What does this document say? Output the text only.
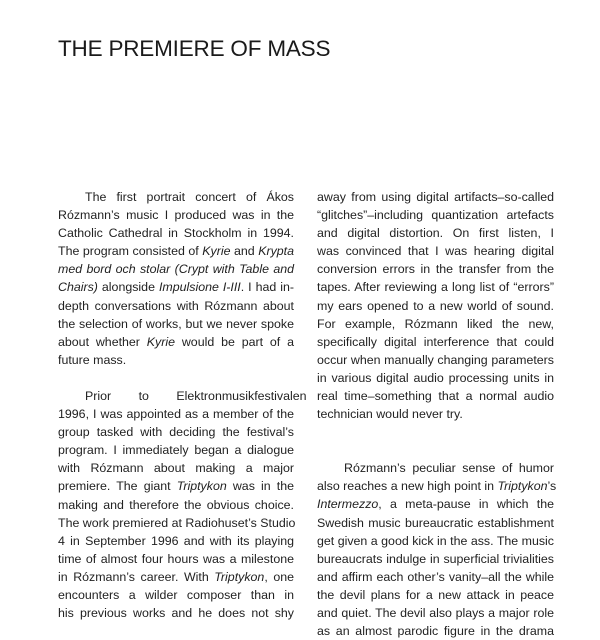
THE PREMIERE OF MASS
The first portrait concert of Ákos
Rózmann’s music I produced was in the
Catholic Cathedral in Stockholm in 1994.
The program consisted of Kyrie and Krypta
med bord och stolar (Crypt with Table and
Chairs) alongside Impulsione I-III. I had in-
depth conversations with Rózmann about
the selection of works, but we never spoke
about whether Kyrie would be part of a
future mass.
Prior to Elektronmusikfestivalen
1996, I was appointed as a member of the
group tasked with deciding the festival’s
program. I immediately began a dialogue
with Rózmann about making a major
premiere. The giant Triptykon was in the
making and therefore the obvious choice.
The work premiered at Radiohuset’s Studio
4 in September 1996 and with its playing
time of almost four hours was a milestone
in Rózmann’s career. With Triptykon, one
encounters a wilder composer than in
his previous works and he does not shy
away from using digital artifacts–so-called
“glitches”–including quantization artefacts
and digital distortion. On first listen, I
was convinced that I was hearing digital
conversion errors in the transfer from the
tapes. After reviewing a long list of “errors”
my ears opened to a new world of sound.
For example, Rózmann liked the new,
specifically digital interference that could
occur when manually changing parameters
in various digital audio processing units in
real time–something that a normal audio
technician would never try.
Rózmann’s peculiar sense of humor
also reaches a new high point in Triptykon’s
Intermezzo, a meta-pause in which the
Swedish music bureaucratic establishment
get given a good kick in the ass. The music
bureaucrats indulge in superficial trivialities
and affirm each other’s vanity–all the while
the devil plans for a new attack in peace
and quiet. The devil also plays a major role
as an almost parodic figure in the drama
